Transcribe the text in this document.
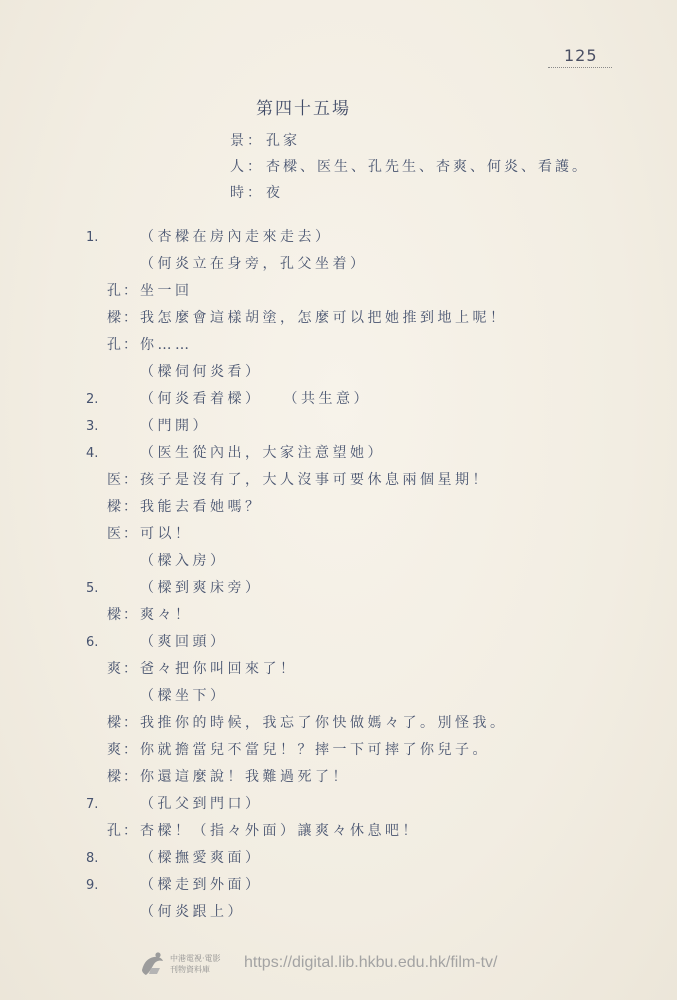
125
第四十五場
景： 孔家
人： 杏樑、医生、孔先生、杏爽、何炎、看護。
時： 夜
1.	（杏樑在房內走來走去）
（何炎立在身旁，孔父坐着）
孔： 坐一回
樑： 我怎麼會這樣胡塗，怎麼可以把她推到地上呢！
孔： 你……
（樑伺何炎看）
2.	（何炎看着樑）　　（共生意）
3.	（門開）
4.	（医生從內出，大家注意望她）
医： 孩子是沒有了，大人沒事可要休息兩個星期！
樑： 我能去看她嗎？
医： 可以！
（樑入房）
5.	（樑到爽床旁）
樑： 爽々！
6.	（爽回頭）
爽： 爸々把你叫回來了！
（樑坐下）
樑： 我推你的時候，我忘了你快做媽々了。別怪我。
爽： 你就擔當兒不當兒！？摔一下可摔了你兒子。
樑： 你還這麼說！我難過死了！
7.	（孔父到門口）
孔： 杏樑！（指々外面）讓爽々休息吧！
8.	（樑撫愛爽面）
9.	（樑走到外面）
（何炎跟上）
中港電視·電影
刊物資料庫	https://digital.lib.hkbu.edu.hk/film-tv/
